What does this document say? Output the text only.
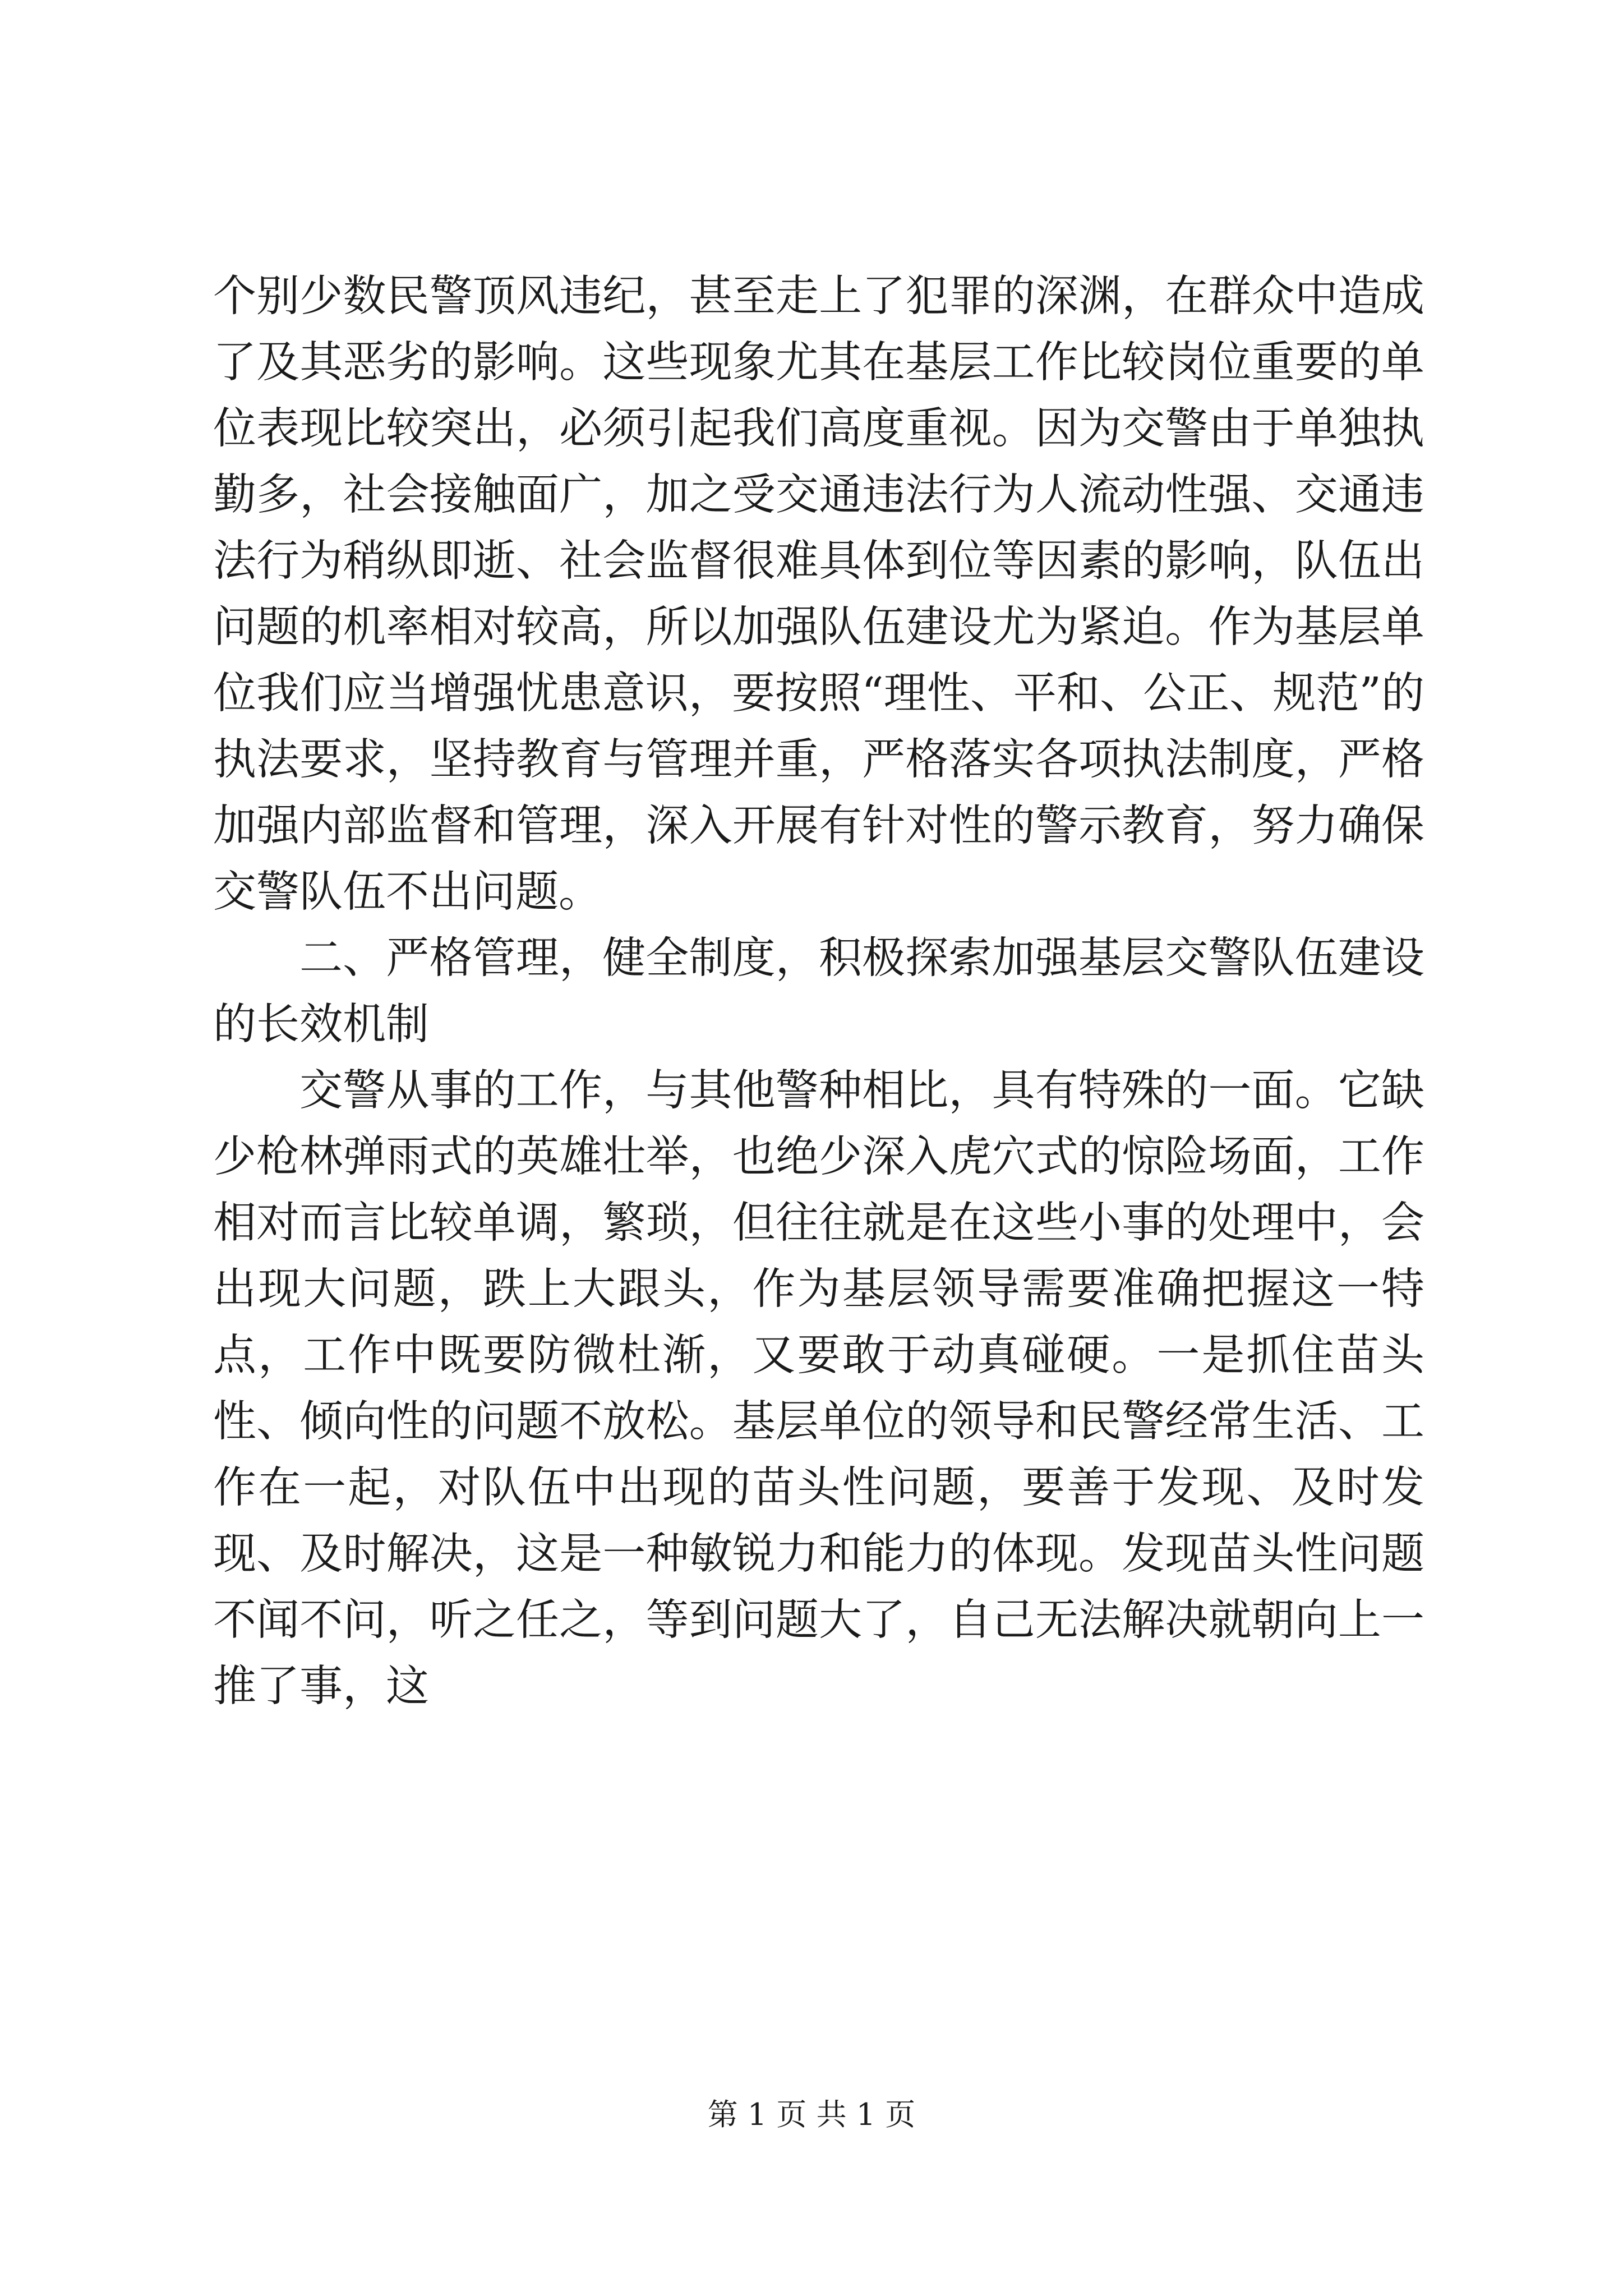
个别少数民警顶风违纪，甚至走上了犯罪的深渊，在群众中造成了及其恶劣的影响。这些现象尤其在基层工作比较岗位重要的单位表现比较突出，必须引起我们高度重视。因为交警由于单独执勤多，社会接触面广，加之受交通违法行为人流动性强、交通违法行为稍纵即逝、社会监督很难具体到位等因素的影响，队伍出问题的机率相对较高，所以加强队伍建设尤为紧迫。作为基层单位我们应当增强忧患意识，要按照“理性、平和、公正、规范”的执法要求，坚持教育与管理并重，严格落实各项执法制度，严格加强内部监督和管理，深入开展有针对性的警示教育，努力确保交警队伍不出问题。

二、严格管理，健全制度，积极探索加强基层交警队伍建设的长效机制

交警从事的工作，与其他警种相比，具有特殊的一面。它缺少枪林弹雨式的英雄壮举，也绝少深入虎穴式的惊险场面，工作相对而言比较单调，繁琐，但往往就是在这些小事的处理中，会出现大问题，跌上大跟头，作为基层领导需要准确把握这一特点，工作中既要防微杜渐，又要敢于动真碰硬。一是抓住苗头性、倾向性的问题不放松。基层单位的领导和民警经常生活、工作在一起，对队伍中出现的苗头性问题，要善于发现、及时发现、及时解决，这是一种敏锐力和能力的体现。发现苗头性问题不闻不问，听之任之，等到问题大了，自己无法解决就朝向上一推了事，这

第 1 页 共 1 页
